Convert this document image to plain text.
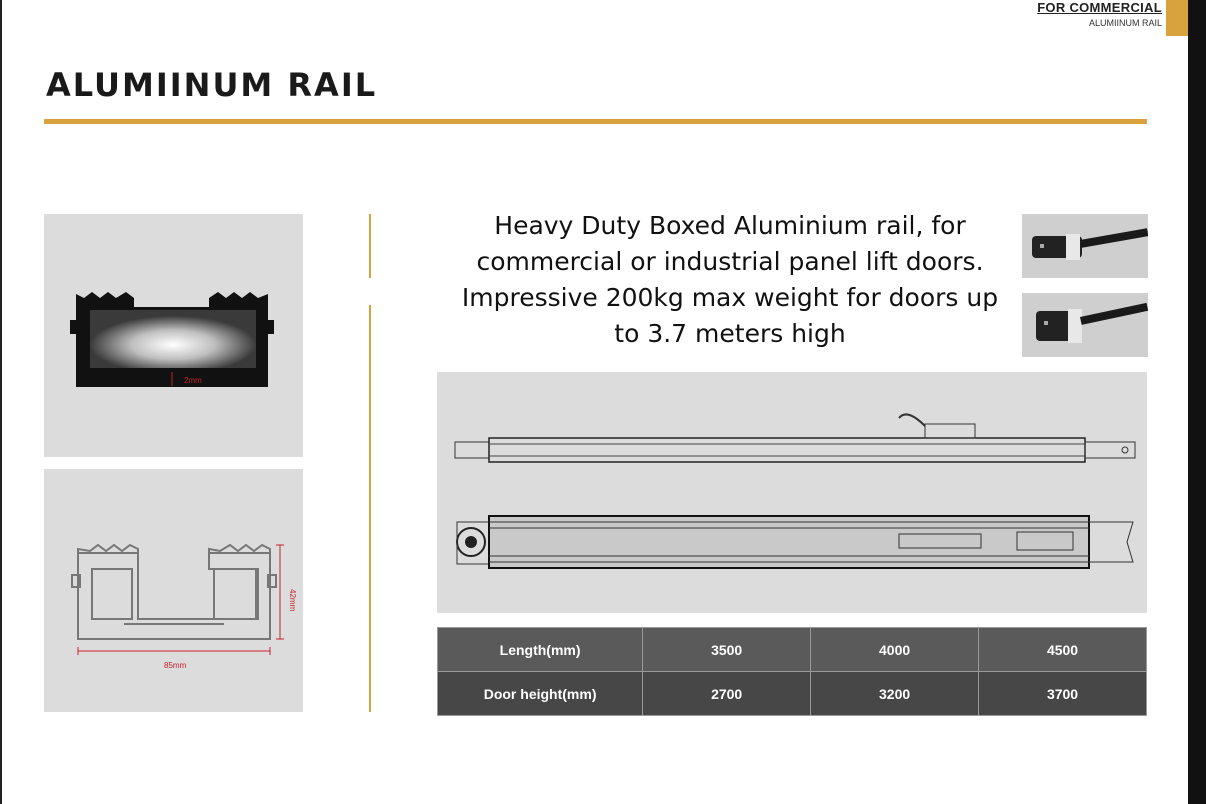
FOR COMMERCIAL
ALUMIINUM RAIL
ALUMIINUM RAIL
2mm
42mm
85mm
Heavy Duty Boxed Aluminium rail, for
commercial or industrial panel lift doors.
Impressive 200kg max weight for doors up
to 3.7 meters high
Length(mm)	3500	4000	4500
Door height(mm)	2700	3200	3700
